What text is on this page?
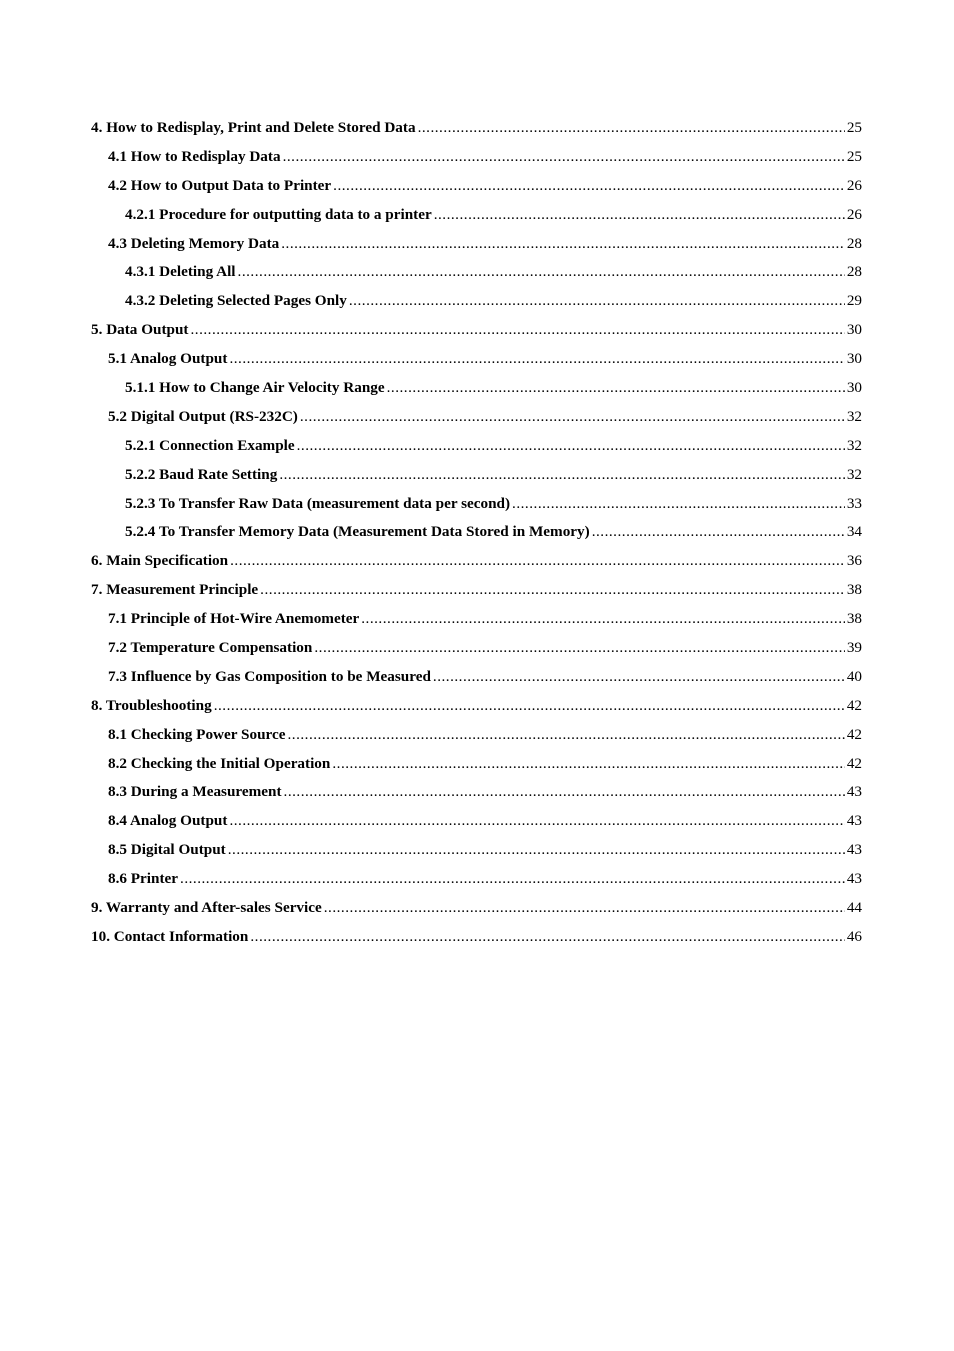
4. How to Redisplay, Print and Delete Stored Data .....	25
4.1 How to Redisplay Data .....	25
4.2 How to Output Data to Printer .....	26
4.2.1 Procedure for outputting data to a printer .....	26
4.3 Deleting Memory Data .....	28
4.3.1 Deleting All .....	28
4.3.2 Deleting Selected Pages Only .....	29
5. Data Output .....	30
5.1 Analog Output .....	30
5.1.1 How to Change Air Velocity Range .....	30
5.2 Digital Output (RS-232C) .....	32
5.2.1 Connection Example .....	32
5.2.2 Baud Rate Setting .....	32
5.2.3 To Transfer Raw Data (measurement data per second) .....	33
5.2.4 To Transfer Memory Data (Measurement Data Stored in Memory) .....	34
6. Main Specification .....	36
7. Measurement Principle .....	38
7.1 Principle of Hot-Wire Anemometer .....	38
7.2 Temperature Compensation .....	39
7.3 Influence by Gas Composition to be Measured .....	40
8. Troubleshooting .....	42
8.1 Checking Power Source .....	42
8.2 Checking the Initial Operation .....	42
8.3 During a Measurement .....	43
8.4 Analog Output .....	43
8.5 Digital Output .....	43
8.6 Printer .....	43
9. Warranty and After-sales Service .....	44
10. Contact Information .....	46
